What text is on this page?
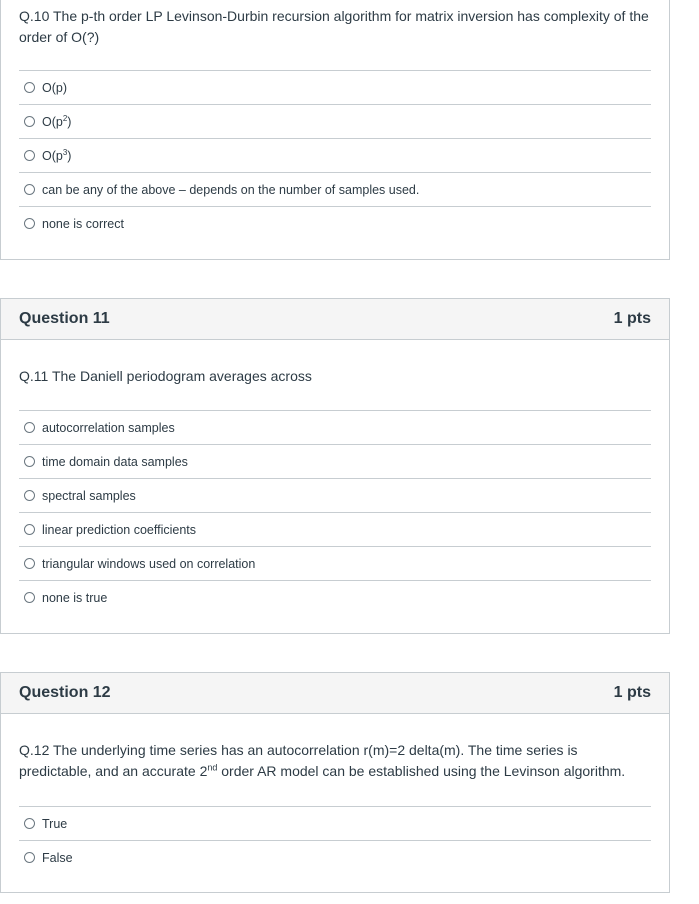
Q.10 The p-th order LP Levinson-Durbin recursion algorithm for matrix inversion has complexity of the order of O(?)
O(p)
$O(p^2)$
$O(p^3)$
can be any of the above – depends on the number of samples used.
none is correct
Question 11	1 pts
Q.11 The Daniell periodogram averages across
autocorrelation samples
time domain data samples
spectral samples
linear prediction coefficients
triangular windows used on correlation
none is true
Question 12	1 pts
Q.12 The underlying time series has an autocorrelation r(m)=2 delta(m). The time series is predictable, and an accurate 2nd order AR model can be established using the Levinson algorithm.
True
False
